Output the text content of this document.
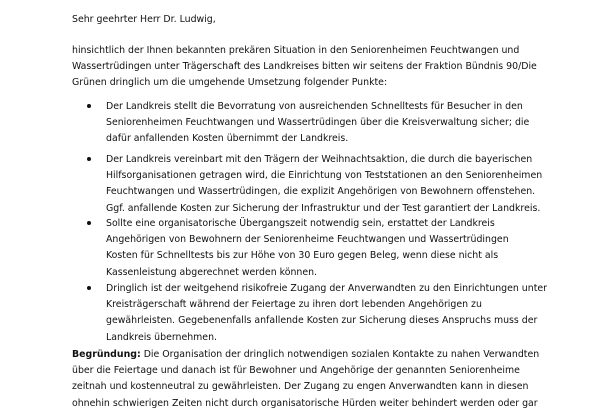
Sehr geehrter Herr Dr. Ludwig,
hinsichtlich der Ihnen bekannten prekären Situation in den Seniorenheimen Feuchtwangen und
Wassertrüdingen unter Trägerschaft des Landkreises bitten wir seitens der Fraktion Bündnis 90/Die
Grünen dringlich um die umgehende Umsetzung folgender Punkte:
Der Landkreis stellt die Bevorratung von ausreichenden Schnelltests für Besucher in den
Seniorenheimen Feuchtwangen und Wassertrüdingen über die Kreisverwaltung sicher; die
dafür anfallenden Kosten übernimmt der Landkreis.
Der Landkreis vereinbart mit den Trägern der Weihnachtsaktion, die durch die bayerischen
Hilfsorganisationen getragen wird, die Einrichtung von Teststationen an den Seniorenheimen
Feuchtwangen und Wassertrüdingen, die explizit Angehörigen von Bewohnern offenstehen.
Ggf. anfallende Kosten zur Sicherung der Infrastruktur und der Test garantiert der Landkreis.
Sollte eine organisatorische Übergangszeit notwendig sein, erstattet der Landkreis
Angehörigen von Bewohnern der Seniorenheime Feuchtwangen und Wassertrüdingen
Kosten für Schnelltests bis zur Höhe von 30 Euro gegen Beleg, wenn diese nicht als
Kassenleistung abgerechnet werden können.
Dringlich ist der weitgehend risikofreie Zugang der Anverwandten zu den Einrichtungen unter
Kreisträgerschaft während der Feiertage zu ihren dort lebenden Angehörigen zu
gewährleisten. Gegebenenfalls anfallende Kosten zur Sicherung dieses Anspruchs muss der
Landkreis übernehmen.
Begründung: Die Organisation der dringlich notwendigen sozialen Kontakte zu nahen Verwandten
über die Feiertage und danach ist für Bewohner und Angehörige der genannten Seniorenheime
zeitnah und kostenneutral zu gewährleisten. Der Zugang zu engen Anverwandten kann in diesen
ohnehin schwierigen Zeiten nicht durch organisatorische Hürden weiter behindert werden oder gar
